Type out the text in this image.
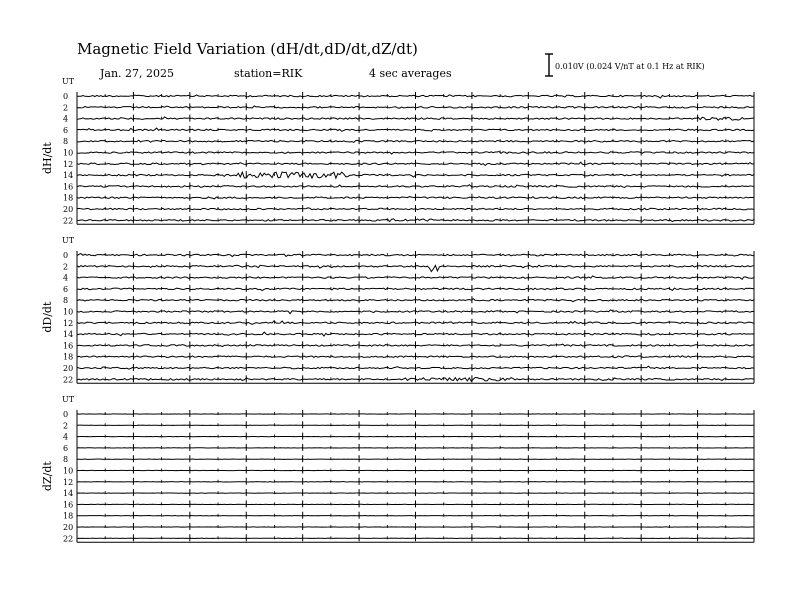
Magnetic Field Variation (dH/dt,dD/dt,dZ/dt)
Jan. 27, 2025	station=RIK	4 sec averages
0.010V (0.024 V/nT at 0.1 Hz at RIK)
UT
dH/dt
0
2
4
6
8
10
12
14
16
18
20
22
UT
dD/dt
0
2
4
6
8
10
12
14
16
18
20
22
UT
dZ/dt
0
2
4
6
8
10
12
14
16
18
20
22
